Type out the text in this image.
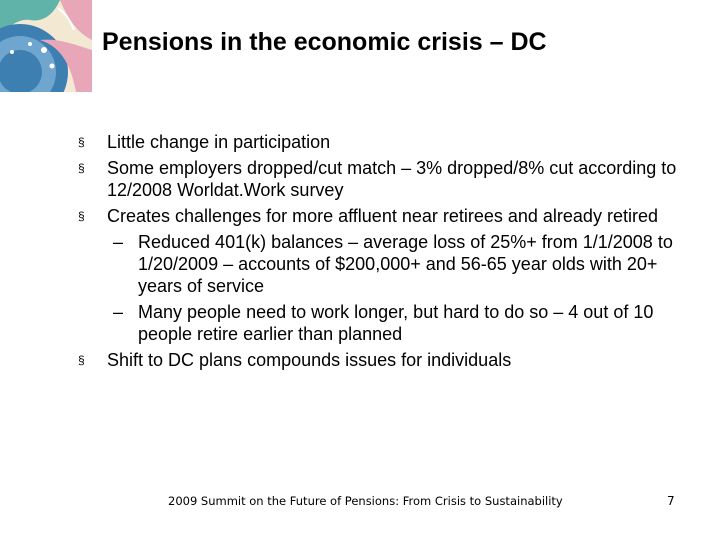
Pensions in the economic crisis – DC
§ Little change in participation
§ Some employers dropped/cut match – 3% dropped/8% cut according to 12/2008 Worldat.Work survey
§ Creates challenges for more affluent near retirees and already retired
– Reduced 401(k) balances – average loss of 25%+ from 1/1/2008 to 1/20/2009 – accounts of $200,000+ and 56-65 year olds with 20+ years of service
– Many people need to work longer, but hard to do so – 4 out of 10 people retire earlier than planned
§ Shift to DC plans compounds issues for individuals
2009 Summit on the Future of Pensions: From Crisis to Sustainability	7
